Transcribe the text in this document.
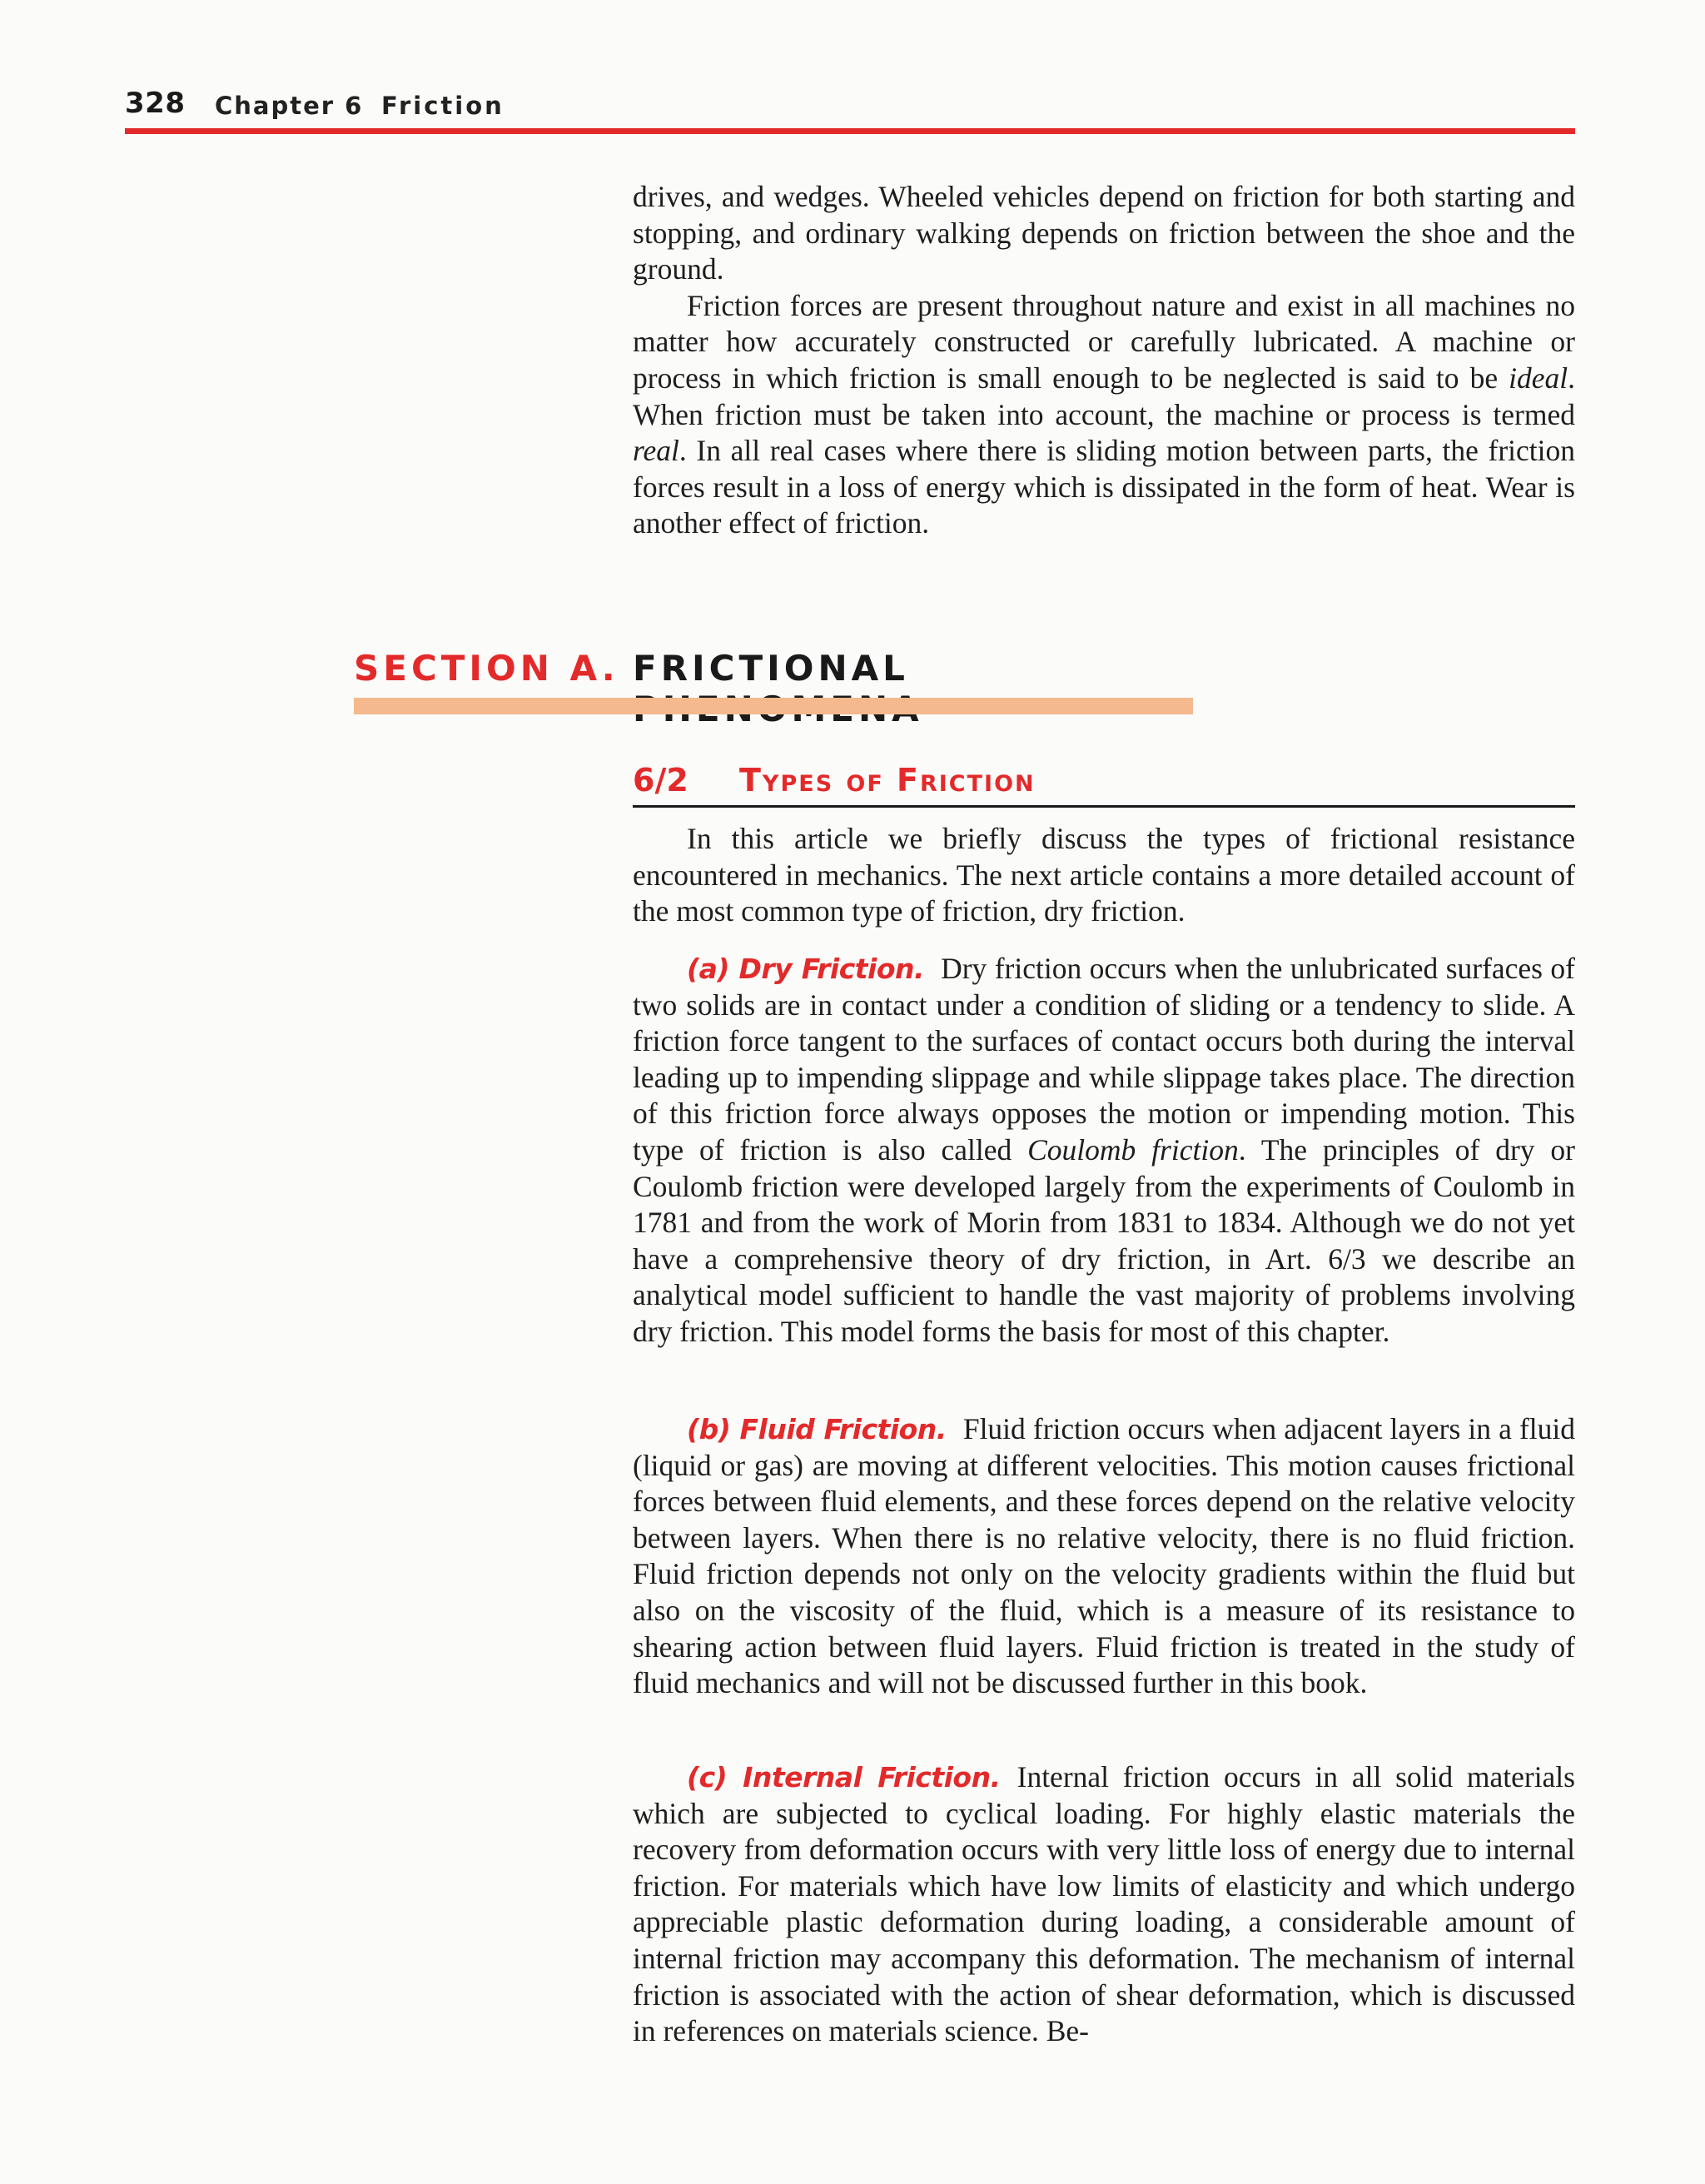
328 Chapter 6 Friction

drives, and wedges. Wheeled vehicles depend on friction for both starting and stopping, and ordinary walking depends on friction between the shoe and the ground.

Friction forces are present throughout nature and exist in all machines no matter how accurately constructed or carefully lubricated. A machine or process in which friction is small enough to be neglected is said to be ideal. When friction must be taken into account, the machine or process is termed real. In all real cases where there is sliding motion between parts, the friction forces result in a loss of energy which is dissipated in the form of heat. Wear is another effect of friction.

SECTION A. FRICTIONAL
6/2 Types of Friction

In this article we briefly discuss the types of frictional resistance encountered in mechanics. The next article contains a more detailed account of the most common type of friction, dry friction.

(a) Dry Friction. Dry friction occurs when the unlubricated surfaces of two solids are in contact under a condition of sliding or a tendency to slide. A friction force tangent to the surfaces of contact occurs both during the interval leading up to impending slippage and while slippage takes place. The direction of this friction force always opposes the motion or impending motion. This type of friction is also called Coulomb friction. The principles of dry or Coulomb friction were developed largely from the experiments of Coulomb in 1781 and from the work of Morin from 1831 to 1834. Although we do not yet have a comprehensive theory of dry friction, in Art. 6/3 we describe an analytical model sufficient to handle the vast majority of problems involving dry friction. This model forms the basis for most of this chapter.

(b) Fluid Friction. Fluid friction occurs when adjacent layers in a fluid (liquid or gas) are moving at different velocities. This motion causes frictional forces between fluid elements, and these forces depend on the relative velocity between layers. When there is no relative velocity, there is no fluid friction. Fluid friction depends not only on the velocity gradients within the fluid but also on the viscosity of the fluid, which is a measure of its resistance to shearing action between fluid layers. Fluid friction is treated in the study of fluid mechanics and will not be discussed further in this book.

(c) Internal Friction. Internal friction occurs in all solid materials which are subjected to cyclical loading. For highly elastic materials the recovery from deformation occurs with very little loss of energy due to internal friction. For materials which have low limits of elasticity and which undergo appreciable plastic deformation during loading, a considerable amount of internal friction may accompany this deformation. The mechanism of internal friction is associated with the action of shear deformation, which is discussed in references on materials science. Be-
